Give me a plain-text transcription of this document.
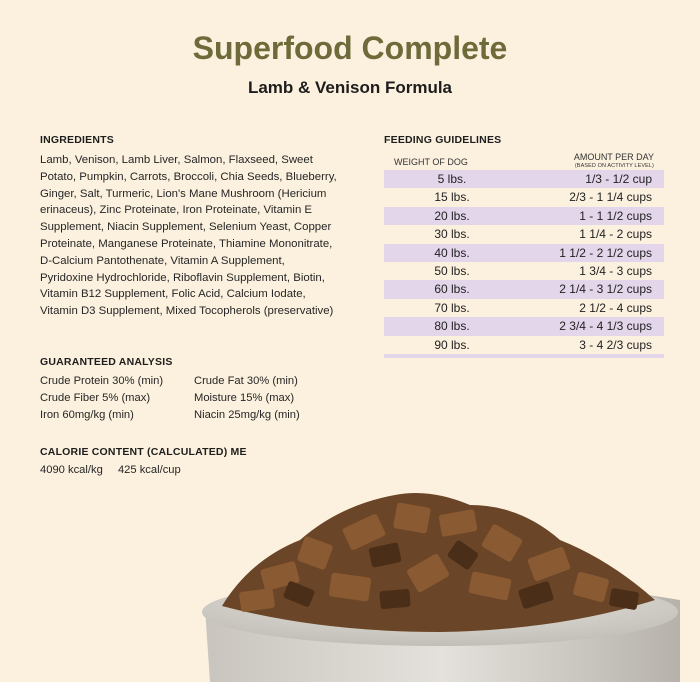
Superfood Complete
Lamb & Venison Formula
INGREDIENTS
Lamb, Venison, Lamb Liver, Salmon, Flaxseed, Sweet Potato, Pumpkin, Carrots, Broccoli, Chia Seeds, Blueberry, Ginger, Salt, Turmeric, Lion's Mane Mushroom (Hericium erinaceus), Zinc Proteinate, Iron Proteinate, Vitamin E Supplement, Niacin Supplement, Selenium Yeast, Copper Proteinate, Manganese Proteinate, Thiamine Mononitrate, D-Calcium Pantothenate, Vitamin A Supplement, Pyridoxine Hydrochloride, Riboflavin Supplement, Biotin, Vitamin B12 Supplement, Folic Acid, Calcium Iodate, Vitamin D3 Supplement, Mixed Tocopherols (preservative)
GUARANTEED ANALYSIS
Crude Protein 30% (min)	Crude Fat 30% (min)
Crude Fiber 5% (max)	Moisture 15% (max)
Iron 60mg/kg (min)	Niacin 25mg/kg (min)
CALORIE CONTENT (CALCULATED) ME
4090 kcal/kg 425 kcal/cup
FEEDING GUIDELINES
WEIGHT OF DOG	AMOUNT PER DAY
(BASED ON ACTIVITY LEVEL)
5 lbs.	1/3 - 1/2 cup
15 lbs.	2/3 - 1 1/4 cups
20 lbs.	1 - 1 1/2 cups
30 lbs.	1 1/4 - 2 cups
40 lbs.	1 1/2 - 2 1/2 cups
50 lbs.	1 3/4 - 3 cups
60 lbs.	2 1/4 - 3 1/2 cups
70 lbs.	2 1/2 - 4 cups
80 lbs.	2 3/4 - 4 1/3 cups
90 lbs.	3 - 4 2/3 cups
